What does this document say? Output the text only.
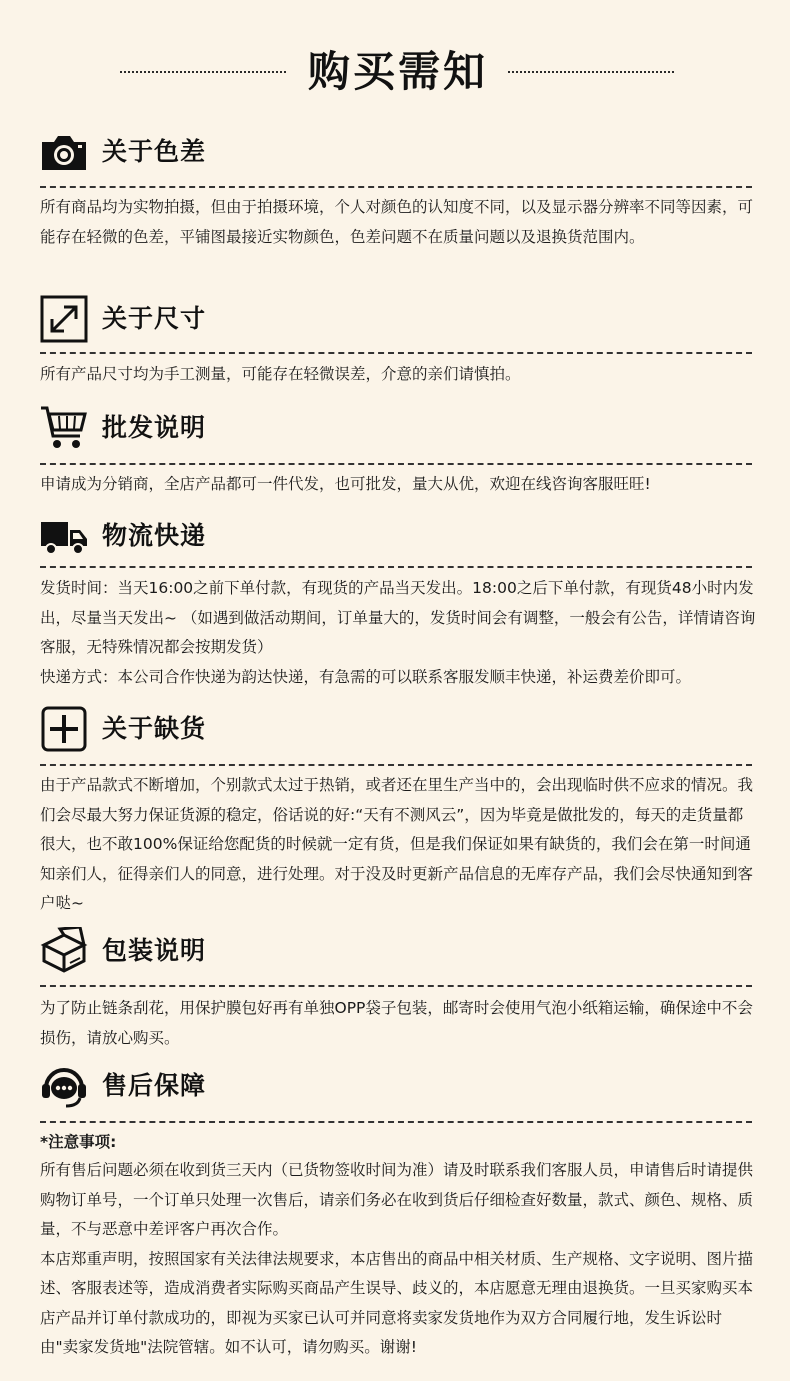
购买需知
关于色差
所有商品均为实物拍摄，但由于拍摄环境，个人对颜色的认知度不同，以及显示器分辨率不同等因素，可能存在轻微的色差，平铺图最接近实物颜色，色差问题不在质量问题以及退换货范围内。
关于尺寸
所有产品尺寸均为手工测量，可能存在轻微误差，介意的亲们请慎拍。
批发说明
申请成为分销商，全店产品都可一件代发，也可批发，量大从优，欢迎在线咨询客服旺旺!
物流快递
发货时间：当天16:00之前下单付款，有现货的产品当天发出。18:00之后下单付款，有现货48小时内发出，尽量当天发出~ （如遇到做活动期间，订单量大的，发货时间会有调整，一般会有公告，详情请咨询客服，无特殊情况都会按期发货）
快递方式：本公司合作快递为韵达快递，有急需的可以联系客服发顺丰快递，补运费差价即可。
关于缺货
由于产品款式不断增加，个别款式太过于热销，或者还在里生产当中的，会出现临时供不应求的情况。我们会尽最大努力保证货源的稳定，俗话说的好:“天有不测风云”，因为毕竟是做批发的，每天的走货量都很大，也不敢100%保证给您配货的时候就一定有货，但是我们保证如果有缺货的，我们会在第一时间通知亲们人，征得亲们人的同意，进行处理。对于没及时更新产品信息的无库存产品，我们会尽快通知到客户哒~
包装说明
为了防止链条刮花，用保护膜包好再有单独OPP袋子包装，邮寄时会使用气泡小纸箱运输，确保途中不会损伤，请放心购买。
售后保障
*注意事项:
所有售后问题必须在收到货三天内（已货物签收时间为准）请及时联系我们客服人员，申请售后时请提供购物订单号，一个订单只处理一次售后，请亲们务必在收到货后仔细检查好数量，款式、颜色、规格、质量，不与恶意中差评客户再次合作。
本店郑重声明，按照国家有关法律法规要求，本店售出的商品中相关材质、生产规格、文字说明、图片描述、客服表述等，造成消费者实际购买商品产生误导、歧义的，本店愿意无理由退换货。一旦买家购买本店产品并订单付款成功的，即视为买家已认可并同意将卖家发货地作为双方合同履行地，发生诉讼时由"卖家发货地"法院管辖。如不认可，请勿购买。谢谢!
